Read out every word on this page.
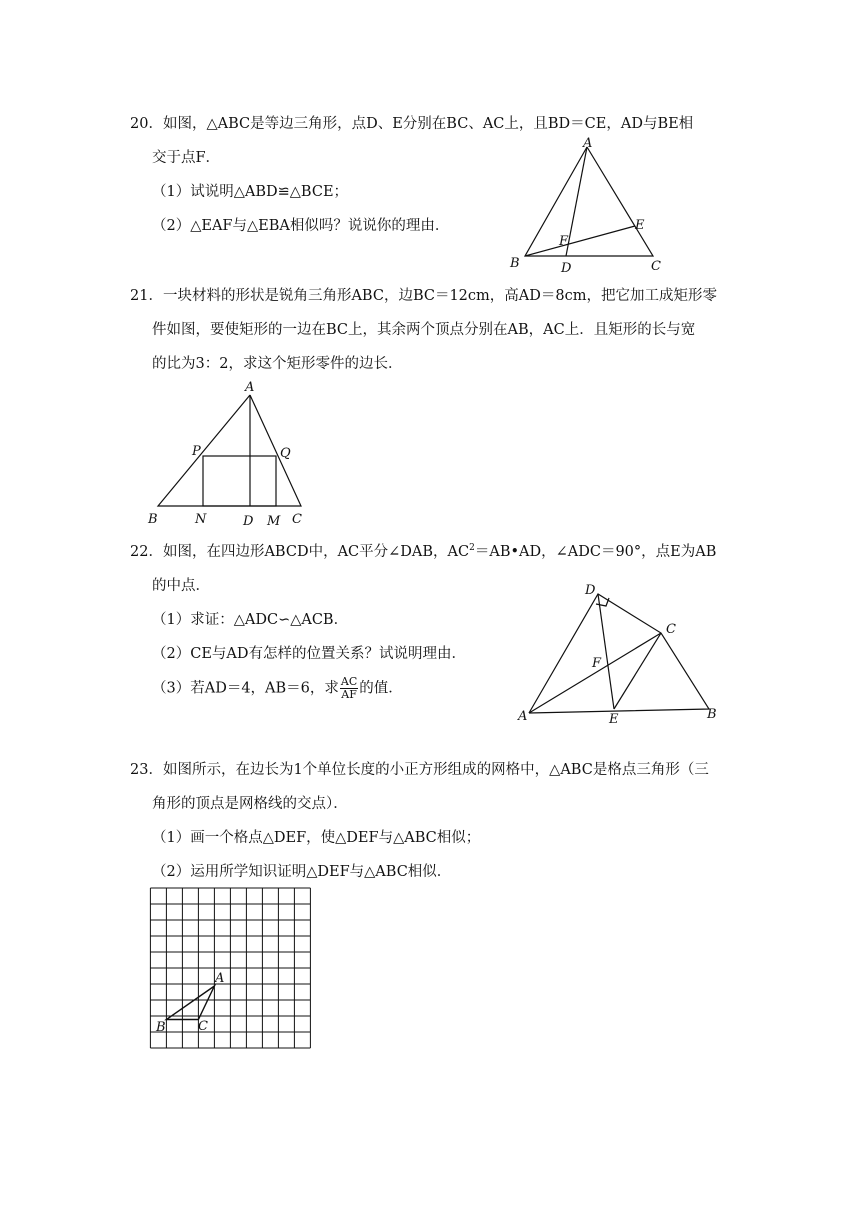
20．如图，△ABC是等边三角形，点D、E分别在BC、AC上，且BD＝CE，AD与BE相
交于点F．
（1）试说明△ABD≌△BCE；
（2）△EAF与△EBA相似吗？说说你的理由．
A
B	C
D
E
F
21．一块材料的形状是锐角三角形ABC，边BC＝12cm，高AD＝8cm，把它加工成矩形零
件如图，要使矩形的一边在BC上，其余两个顶点分别在AB，AC上．且矩形的长与宽
的比为3：2，求这个矩形零件的边长．
A
B	C
D
P	Q
N	M
22．如图，在四边形ABCD中，AC平分∠DAB，$AC^2=AB•AD$，∠ADC＝90°，点E为AB
的中点．
（1）求证：△ADC∽△ACB．
（2）CE与AD有怎样的位置关系？试说明理由．
（3）若AD＝4，AB＝6，求 $\frac{AC}{AF}$ 的值．
D
C
F
A	E	B
23．如图所示，在边长为1个单位长度的小正方形组成的网格中，△ABC是格点三角形（三
角形的顶点是网格线的交点）．
（1）画一个格点△DEF，使△DEF与△ABC相似；
（2）运用所学知识证明△DEF与△ABC相似．
A
B C
